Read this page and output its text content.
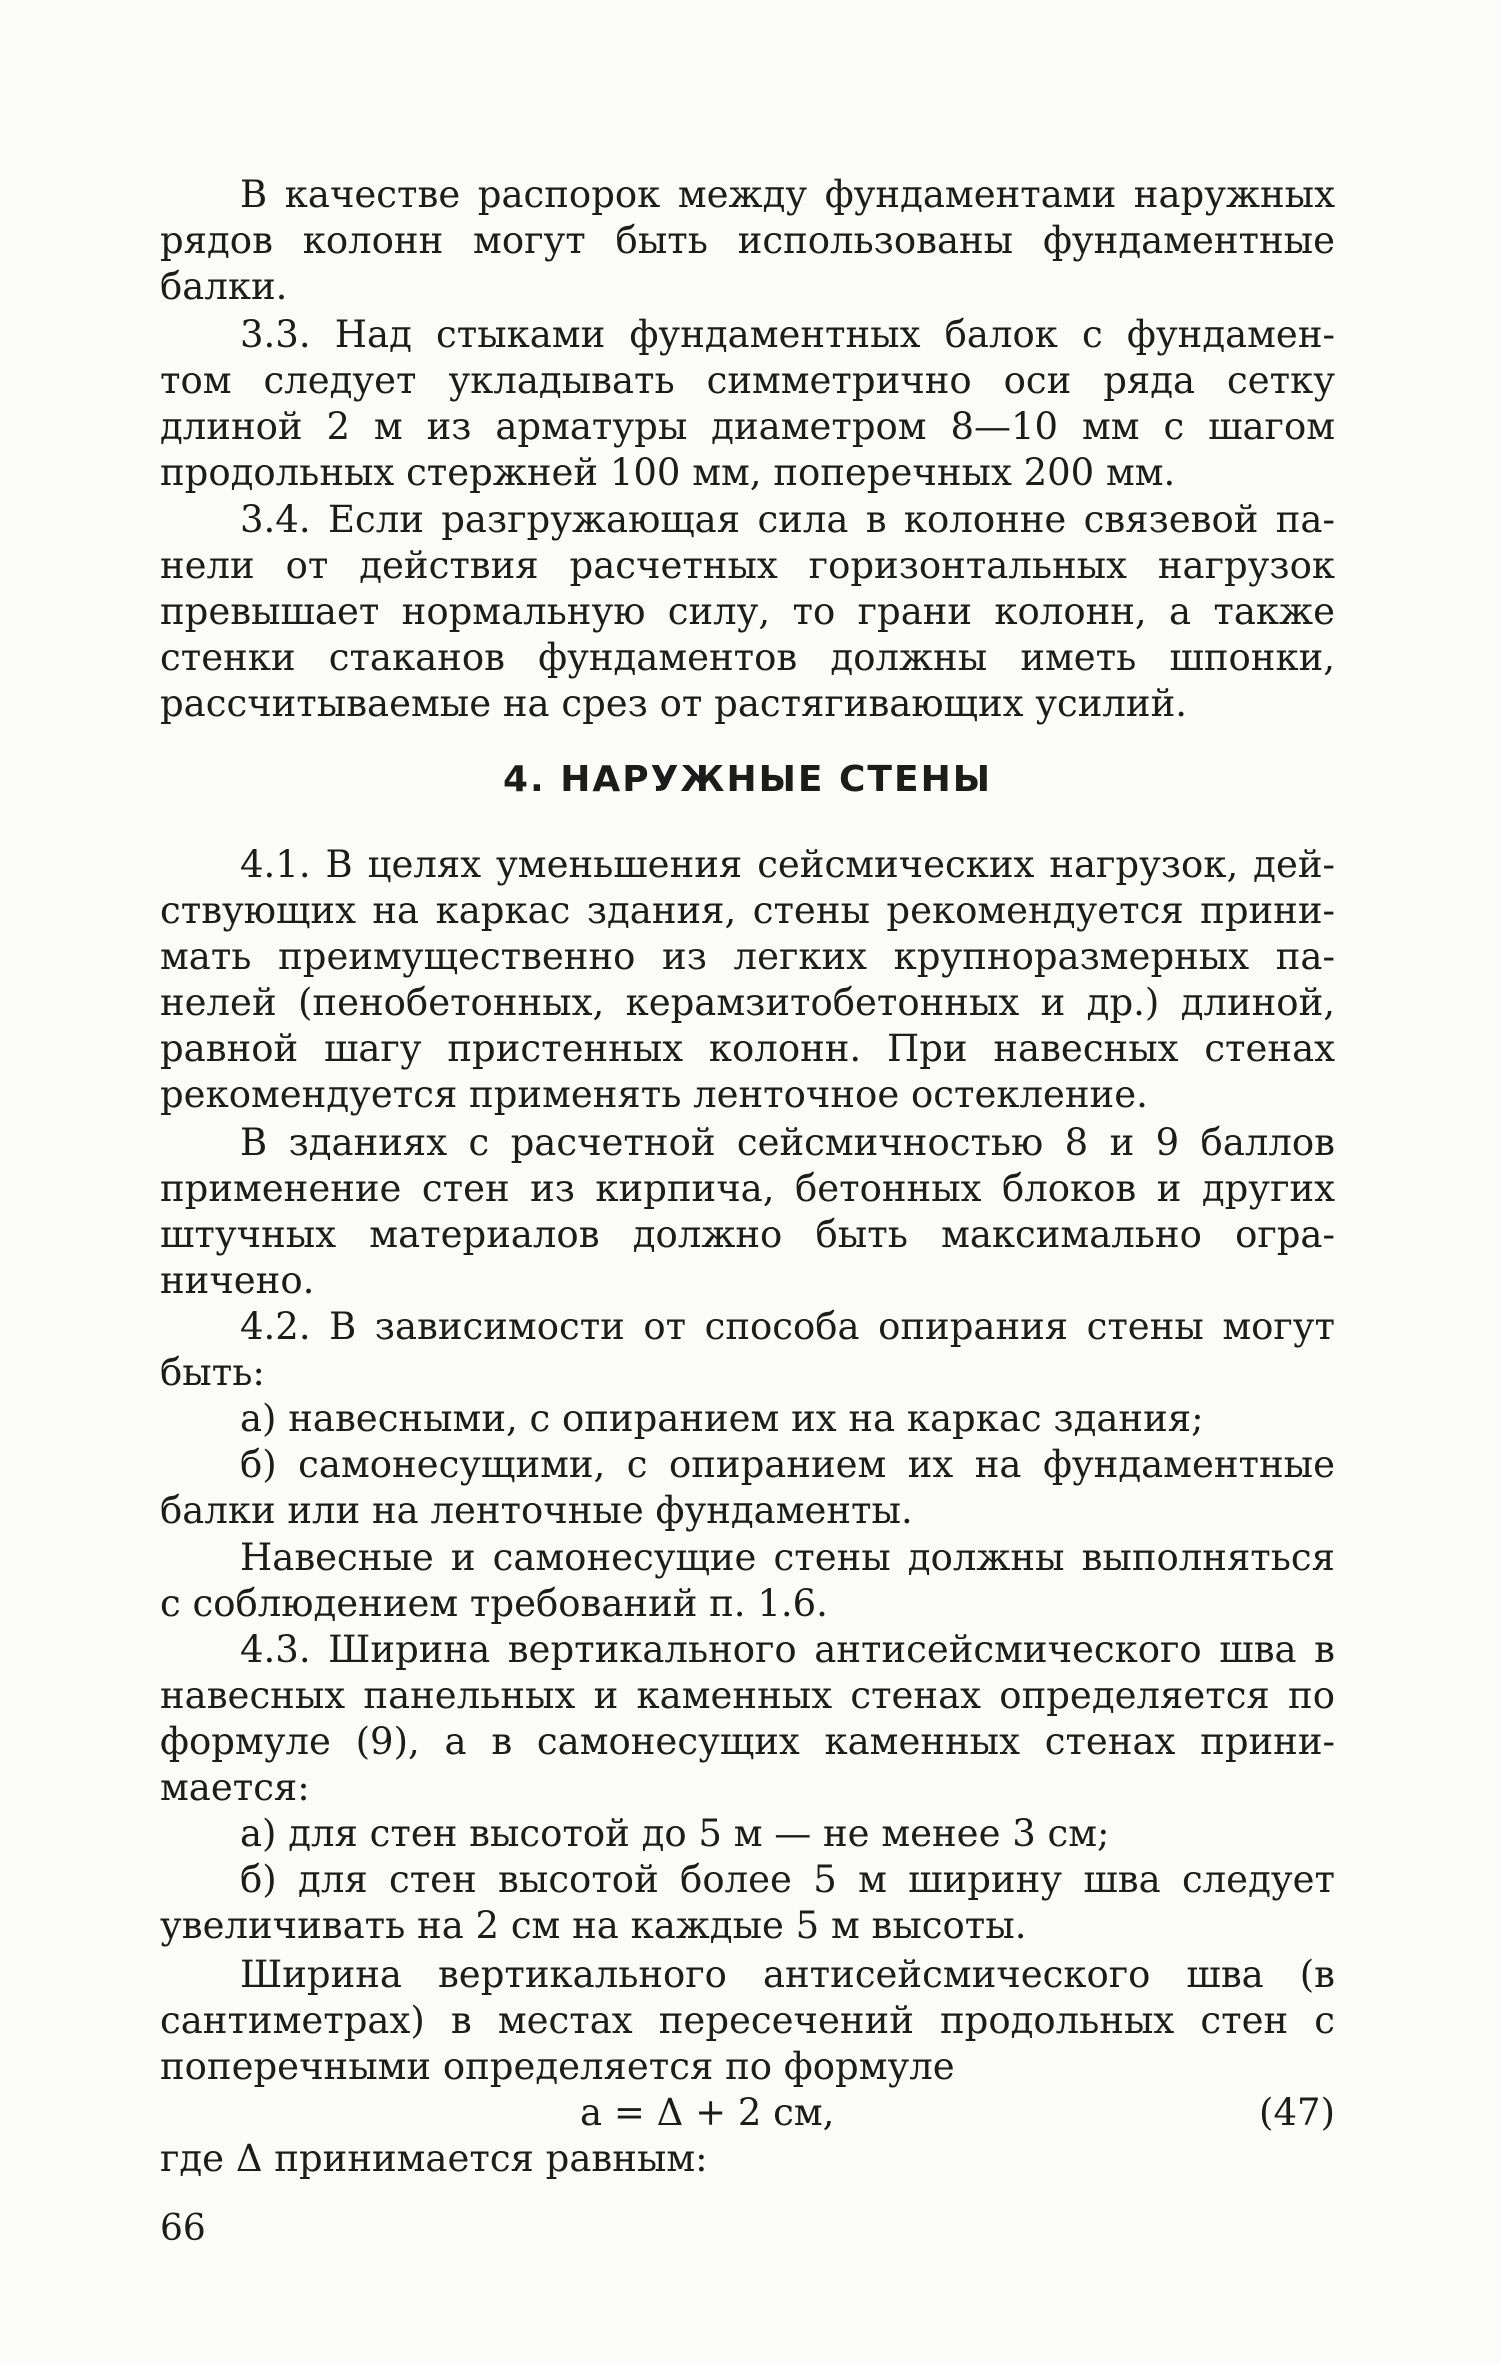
В качестве распорок между фундаментами наружных
рядов колонн могут быть использованы фундаментные
балки.
3.3. Над стыками фундаментных балок с фундамен-
том следует укладывать симметрично оси ряда сетку
длиной 2 м из арматуры диаметром 8—10 мм с шагом
продольных стержней 100 мм, поперечных 200 мм.
3.4. Если разгружающая сила в колонне связевой па-
нели от действия расчетных горизонтальных нагрузок
превышает нормальную силу, то грани колонн, а также
стенки стаканов фундаментов должны иметь шпонки,
рассчитываемые на срез от растягивающих усилий.
4. НАРУЖНЫЕ СТЕНЫ
4.1. В целях уменьшения сейсмических нагрузок, дей-
ствующих на каркас здания, стены рекомендуется прини-
мать преимущественно из легких крупноразмерных па-
нелей (пенобетонных, керамзитобетонных и др.) длиной,
равной шагу пристенных колонн. При навесных стенах
рекомендуется применять ленточное остекление.
В зданиях с расчетной сейсмичностью 8 и 9 баллов
применение стен из кирпича, бетонных блоков и других
штучных материалов должно быть максимально огра-
ничено.
4.2. В зависимости от способа опирания стены могут
быть:
а) навесными, с опиранием их на каркас здания;
б) самонесущими, с опиранием их на фундаментные
балки или на ленточные фундаменты.
Навесные и самонесущие стены должны выполняться
с соблюдением требований п. 1.6.
4.3. Ширина вертикального антисейсмического шва в
навесных панельных и каменных стенах определяется по
формуле (9), а в самонесущих каменных стенах прини-
мается:
а) для стен высотой до 5 м — не менее 3 см;
б) для стен высотой более 5 м ширину шва следует
увеличивать на 2 см на каждые 5 м высоты.
Ширина вертикального антисейсмического шва (в
сантиметрах) в местах пересечений продольных стен с
поперечными определяется по формуле
a = Δ + 2 см,	(47)
где Δ принимается равным:
66
